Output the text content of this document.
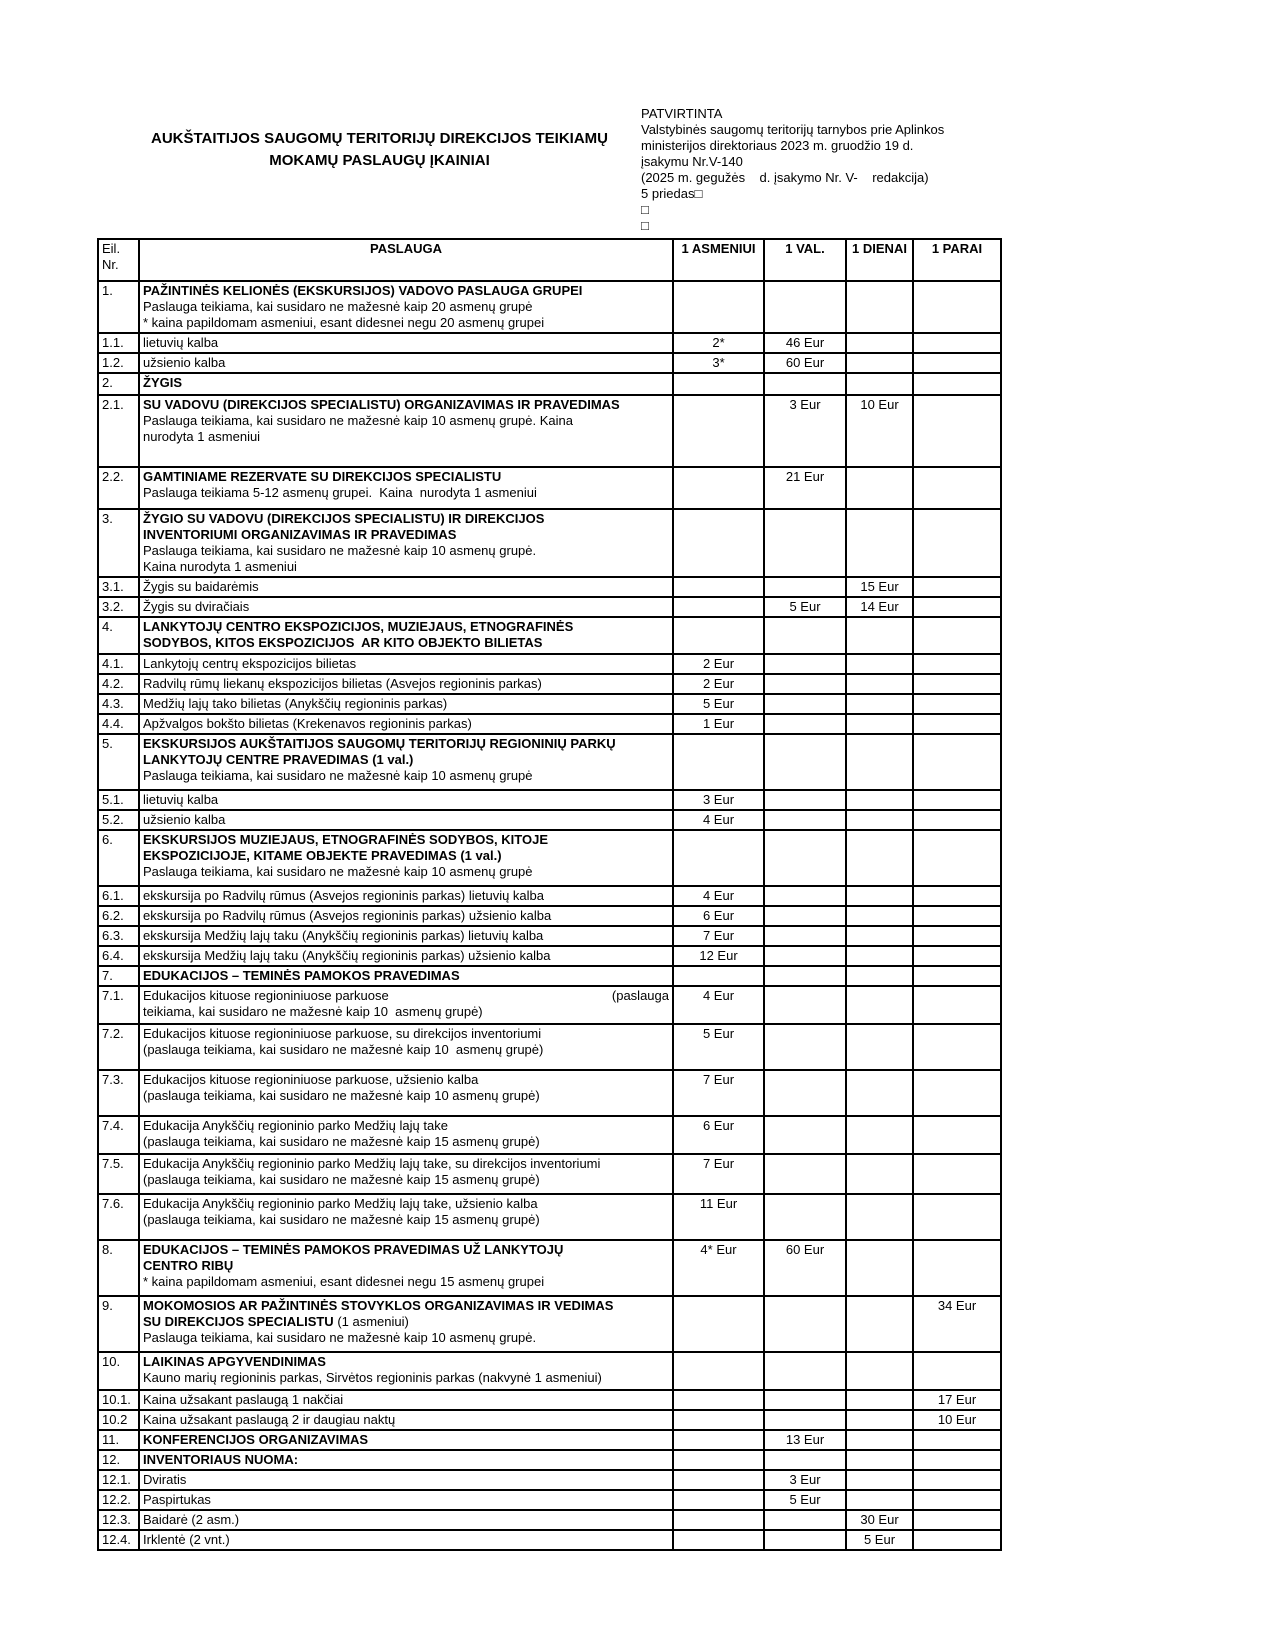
AUKŠTAITIJOS SAUGOMŲ TERITORIJŲ DIREKCIJOS TEIKIAMŲ
MOKAMŲ PASLAUGŲ ĮKAINIAI
PATVIRTINTA
Valstybinės saugomų teritorijų tarnybos prie Aplinkos
ministerijos direktoriaus 2023 m. gruodžio 19 d.
įsakymu Nr.V-140
(2025 m. gegužės    d. įsakymo Nr. V-    redakcija)
5 priedas□
□
□
Eil. Nr.	PASLAUGA	1 ASMENIUI	1 VAL.	1 DIENAI	1 PARAI
1.	PAŽINTINĖS KELIONĖS (EKSKURSIJOS) VADOVO PASLAUGA GRUPEI
Paslauga teikiama, kai susidaro ne mažesnė kaip 20 asmenų grupė
* kaina papildomam asmeniui, esant didesnei negu 20 asmenų grupei				

1.1.	lietuvių kalba	2*	46 Eur		
1.2.	užsienio kalba	3*	60 Eur		
2.	ŽYGIS				

2.1.	SU VADOVU (DIREKCIJOS SPECIALISTU) ORGANIZAVIMAS IR PRAVEDIMAS
Paslauga teikiama, kai susidaro ne mažesnė kaip 10 asmenų grupė. Kaina
nurodyta 1 asmeniui		3 Eur	10 Eur	
2.2.	GAMTINIAME REZERVATE SU DIREKCIJOS SPECIALISTU
Paslauga teikiama 5-12 asmenų grupei.  Kaina  nurodyta 1 asmeniui		21 Eur		
3.	ŽYGIO SU VADOVU (DIREKCIJOS SPECIALISTU) IR DIREKCIJOS
INVENTORIUMI ORGANIZAVIMAS IR PRAVEDIMAS
Paslauga teikiama, kai susidaro ne mažesnė kaip 10 asmenų grupė.
Kaina nurodyta 1 asmeniui				

3.1.	Žygis su baidarėmis			15 Eur	
3.2.	Žygis su dviračiais		5 Eur	14 Eur	
4.	LANKYTOJŲ CENTRO EKSPOZICIJOS, MUZIEJAUS, ETNOGRAFINĖS
SODYBOS, KITOS EKSPOZICIJOS  AR KITO OBJEKTO BILIETAS				

4.1.	Lankytojų centrų ekspozicijos bilietas	2 Eur			
4.2.	Radvilų rūmų liekanų ekspozicijos bilietas (Asvejos regioninis parkas)	2 Eur			
4.3.	Medžių lajų tako bilietas (Anykščių regioninis parkas)	5 Eur			
4.4.	Apžvalgos bokšto bilietas (Krekenavos regioninis parkas)	1 Eur			
5.	EKSKURSIJOS AUKŠTAITIJOS SAUGOMŲ TERITORIJŲ REGIONINIŲ PARKŲ
LANKYTOJŲ CENTRE PRAVEDIMAS (1 val.)
Paslauga teikiama, kai susidaro ne mažesnė kaip 10 asmenų grupė				

5.1.	lietuvių kalba	3 Eur			
5.2.	užsienio kalba	4 Eur			
6.	EKSKURSIJOS MUZIEJAUS, ETNOGRAFINĖS SODYBOS, KITOJE
EKSPOZICIJOJE, KITAME OBJEKTE PRAVEDIMAS (1 val.)
Paslauga teikiama, kai susidaro ne mažesnė kaip 10 asmenų grupė				

6.1.	ekskursija po Radvilų rūmus (Asvejos regioninis parkas) lietuvių kalba	4 Eur			
6.2.	ekskursija po Radvilų rūmus (Asvejos regioninis parkas) užsienio kalba	6 Eur			
6.3.	ekskursija Medžių lajų taku (Anykščių regioninis parkas) lietuvių kalba	7 Eur			
6.4.	ekskursija Medžių lajų taku (Anykščių regioninis parkas) užsienio kalba	12 Eur			
7.	EDUKACIJOS – TEMINĖS PAMOKOS PRAVEDIMAS				

7.1.	Edukacijos kituose regioniniuose parkuose (paslauga
teikiama, kai susidaro ne mažesnė kaip 10  asmenų grupė)	4 Eur			
7.2.	Edukacijos kituose regioniniuose parkuose, su direkcijos inventoriumi
(paslauga teikiama, kai susidaro ne mažesnė kaip 10  asmenų grupė)	5 Eur			
7.3.	Edukacijos kituose regioniniuose parkuose, užsienio kalba
(paslauga teikiama, kai susidaro ne mažesnė kaip 10 asmenų grupė)	7 Eur			
7.4.	Edukacija Anykščių regioninio parko Medžių lajų take
(paslauga teikiama, kai susidaro ne mažesnė kaip 15 asmenų grupė)	6 Eur			
7.5.	Edukacija Anykščių regioninio parko Medžių lajų take, su direkcijos inventoriumi
(paslauga teikiama, kai susidaro ne mažesnė kaip 15 asmenų grupė)	7 Eur			
7.6.	Edukacija Anykščių regioninio parko Medžių lajų take, užsienio kalba
(paslauga teikiama, kai susidaro ne mažesnė kaip 15 asmenų grupė)	11 Eur			
8.	EDUKACIJOS – TEMINĖS PAMOKOS PRAVEDIMAS UŽ LANKYTOJŲ
CENTRO RIBŲ
* kaina papildomam asmeniui, esant didesnei negu 15 asmenų grupei	4* Eur	60 Eur		
9.	MOKOMOSIOS AR PAŽINTINĖS STOVYKLOS ORGANIZAVIMAS IR VEDIMAS
SU DIREKCIJOS SPECIALISTU (1 asmeniui)
Paslauga teikiama, kai susidaro ne mažesnė kaip 10 asmenų grupė.				34 Eur
10.	LAIKINAS APGYVENDINIMAS
Kauno marių regioninis parkas, Sirvėtos regioninis parkas (nakvynė 1 asmeniui)				

10.1.	Kaina užsakant paslaugą 1 nakčiai				17 Eur
10.2	Kaina užsakant paslaugą 2 ir daugiau naktų				10 Eur
11.	KONFERENCIJOS ORGANIZAVIMAS		13 Eur		
12.	INVENTORIAUS NUOMA:				

12.1.	Dviratis		3 Eur		
12.2.	Paspirtukas		5 Eur		
12.3.	Baidarė (2 asm.)			30 Eur	
12.4.	Irklentė (2 vnt.)			5 Eur	
